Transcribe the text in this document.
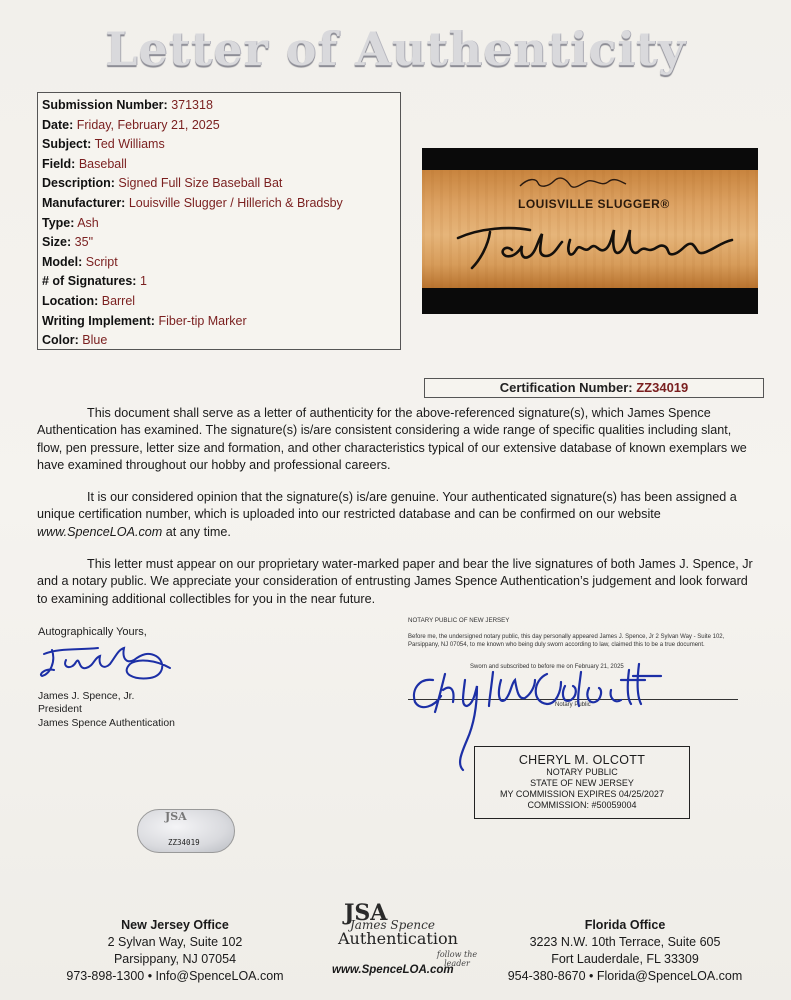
Letter of Authenticity
Submission Number: 371318
Date: Friday, February 21, 2025
Subject: Ted Williams
Field: Baseball
Description: Signed Full Size Baseball Bat
Manufacturer: Louisville Slugger / Hillerich & Bradsby
Type: Ash
Size: 35"
Model: Script
# of Signatures: 1
Location: Barrel
Writing Implement: Fiber-tip Marker
Color: Blue
LOUISVILLE SLUGGER®
Certification Number: ZZ34019
This document shall serve as a letter of authenticity for the above-referenced signature(s), which James Spence Authentication has examined. The signature(s) is/are consistent considering a wide range of specific qualities including slant, flow, pen pressure, letter size and formation, and other characteristics typical of our extensive database of known exemplars we have examined throughout our hobby and professional careers.
It is our considered opinion that the signature(s) is/are genuine. Your authenticated signature(s) has been assigned a unique certification number, which is uploaded into our restricted database and can be confirmed on our website www.SpenceLOA.com at any time.
This letter must appear on our proprietary water-marked paper and bear the live signatures of both James J. Spence, Jr and a notary public. We appreciate your consideration of entrusting James Spence Authentication’s judgement and look forward to examining additional collectibles for you in the near future.
Autographically Yours,
James J. Spence, Jr.
President
James Spence Authentication
NOTARY PUBLIC OF NEW JERSEY
Before me, the undersigned notary public, this day personally appeared James J. Spence, Jr 2 Sylvan Way - Suite 102, Parsippany, NJ 07054, to me known who being duly sworn according to law, claimed this to be a true document.
Sworn and subscribed to before me on February 21, 2025
Notary Public
CHERYL M. OLCOTT
NOTARY PUBLIC
STATE OF NEW JERSEY
MY COMMISSION EXPIRES 04/25/2027
COMMISSION: #50059004
JSA
ZZ34019
New Jersey Office
2 Sylvan Way, Suite 102
Parsippany, NJ 07054
973-898-1300 • Info@SpenceLOA.com
JSA
James Spence
Authentication
follow the leader
www.SpenceLOA.com
Florida Office
3223 N.W. 10th Terrace, Suite 605
Fort Lauderdale, FL 33309
954-380-8670 • Florida@SpenceLOA.com
